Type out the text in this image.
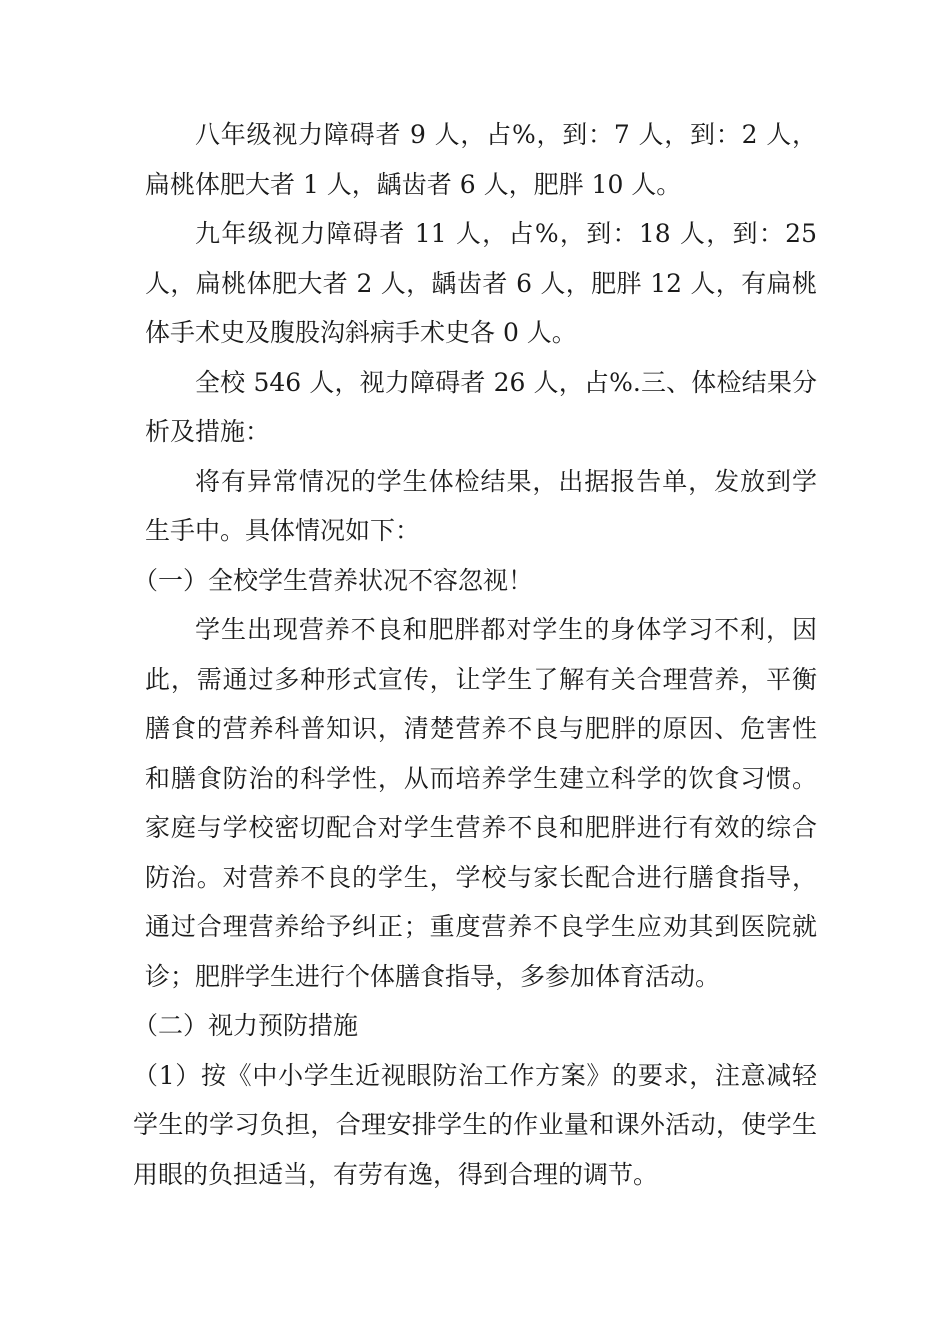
八年级视力障碍者 9 人，占%，到：7 人，到：2 人，扁桃体肥大者 1 人，龋齿者 6 人，肥胖 10 人。

九年级视力障碍者 11 人，占%，到：18 人，到：25 人，扁桃体肥大者 2 人，龋齿者 6 人，肥胖 12 人，有扁桃体手术史及腹股沟斜病手术史各 0 人。

全校 546 人，视力障碍者 26 人，占%.三、体检结果分析及措施：

将有异常情况的学生体检结果，出据报告单，发放到学生手中。具体情况如下：

（一）全校学生营养状况不容忽视！

学生出现营养不良和肥胖都对学生的身体学习不利，因此，需通过多种形式宣传，让学生了解有关合理营养，平衡膳食的营养科普知识，清楚营养不良与肥胖的原因、危害性和膳食防治的科学性，从而培养学生建立科学的饮食习惯。家庭与学校密切配合对学生营养不良和肥胖进行有效的综合防治。对营养不良的学生，学校与家长配合进行膳食指导，通过合理营养给予纠正；重度营养不良学生应劝其到医院就诊；肥胖学生进行个体膳食指导，多参加体育活动。

（二）视力预防措施

（1）按《中小学生近视眼防治工作方案》的要求，注意减轻学生的学习负担，合理安排学生的作业量和课外活动，使学生用眼的负担适当，有劳有逸，得到合理的调节。
